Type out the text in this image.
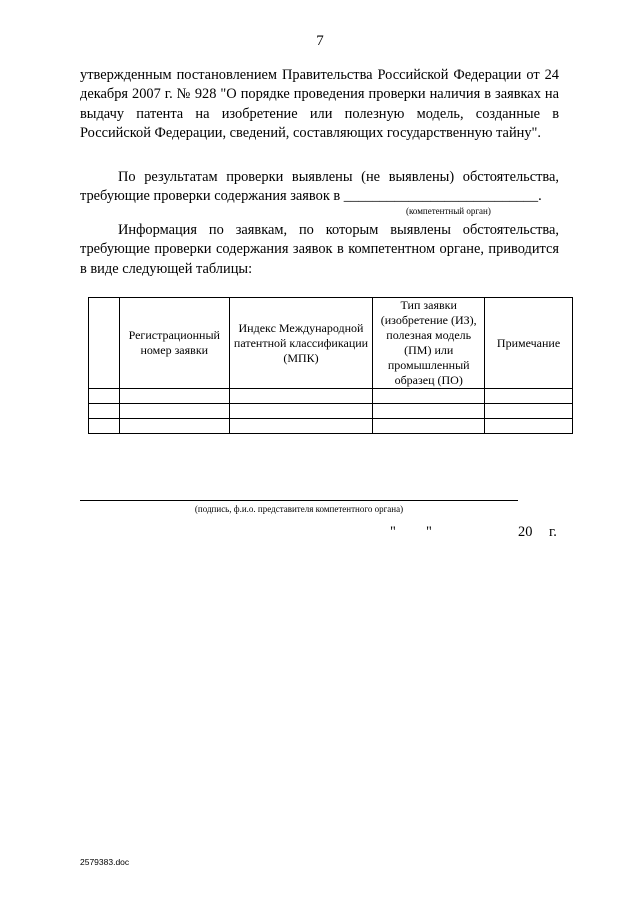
7

утвержденным постановлением Правительства Российской Федерации от 24 декабря 2007 г. № 928 "О порядке проведения проверки наличия в заявках на выдачу патента на изобретение или полезную модель, созданные в Российской Федерации, сведений, составляющих государственную тайну".

По результатам проверки выявлены (не выявлены) обстоятельства, требующие проверки содержания заявок в ___________________________.

(компетентный орган)

Информация по заявкам, по которым выявлены обстоятельства, требующие проверки содержания заявок в компетентном органе, приводится в виде следующей таблицы:

	Регистрационный номер заявки	Индекс Международной патентной классификации (МПК)	Тип заявки (изобретение (ИЗ), полезная модель (ПМ) или промышленный образец (ПО)	Примечание

(подпись, ф.и.о. представителя компетентного органа)
" "	20 г.
2579383.doc
